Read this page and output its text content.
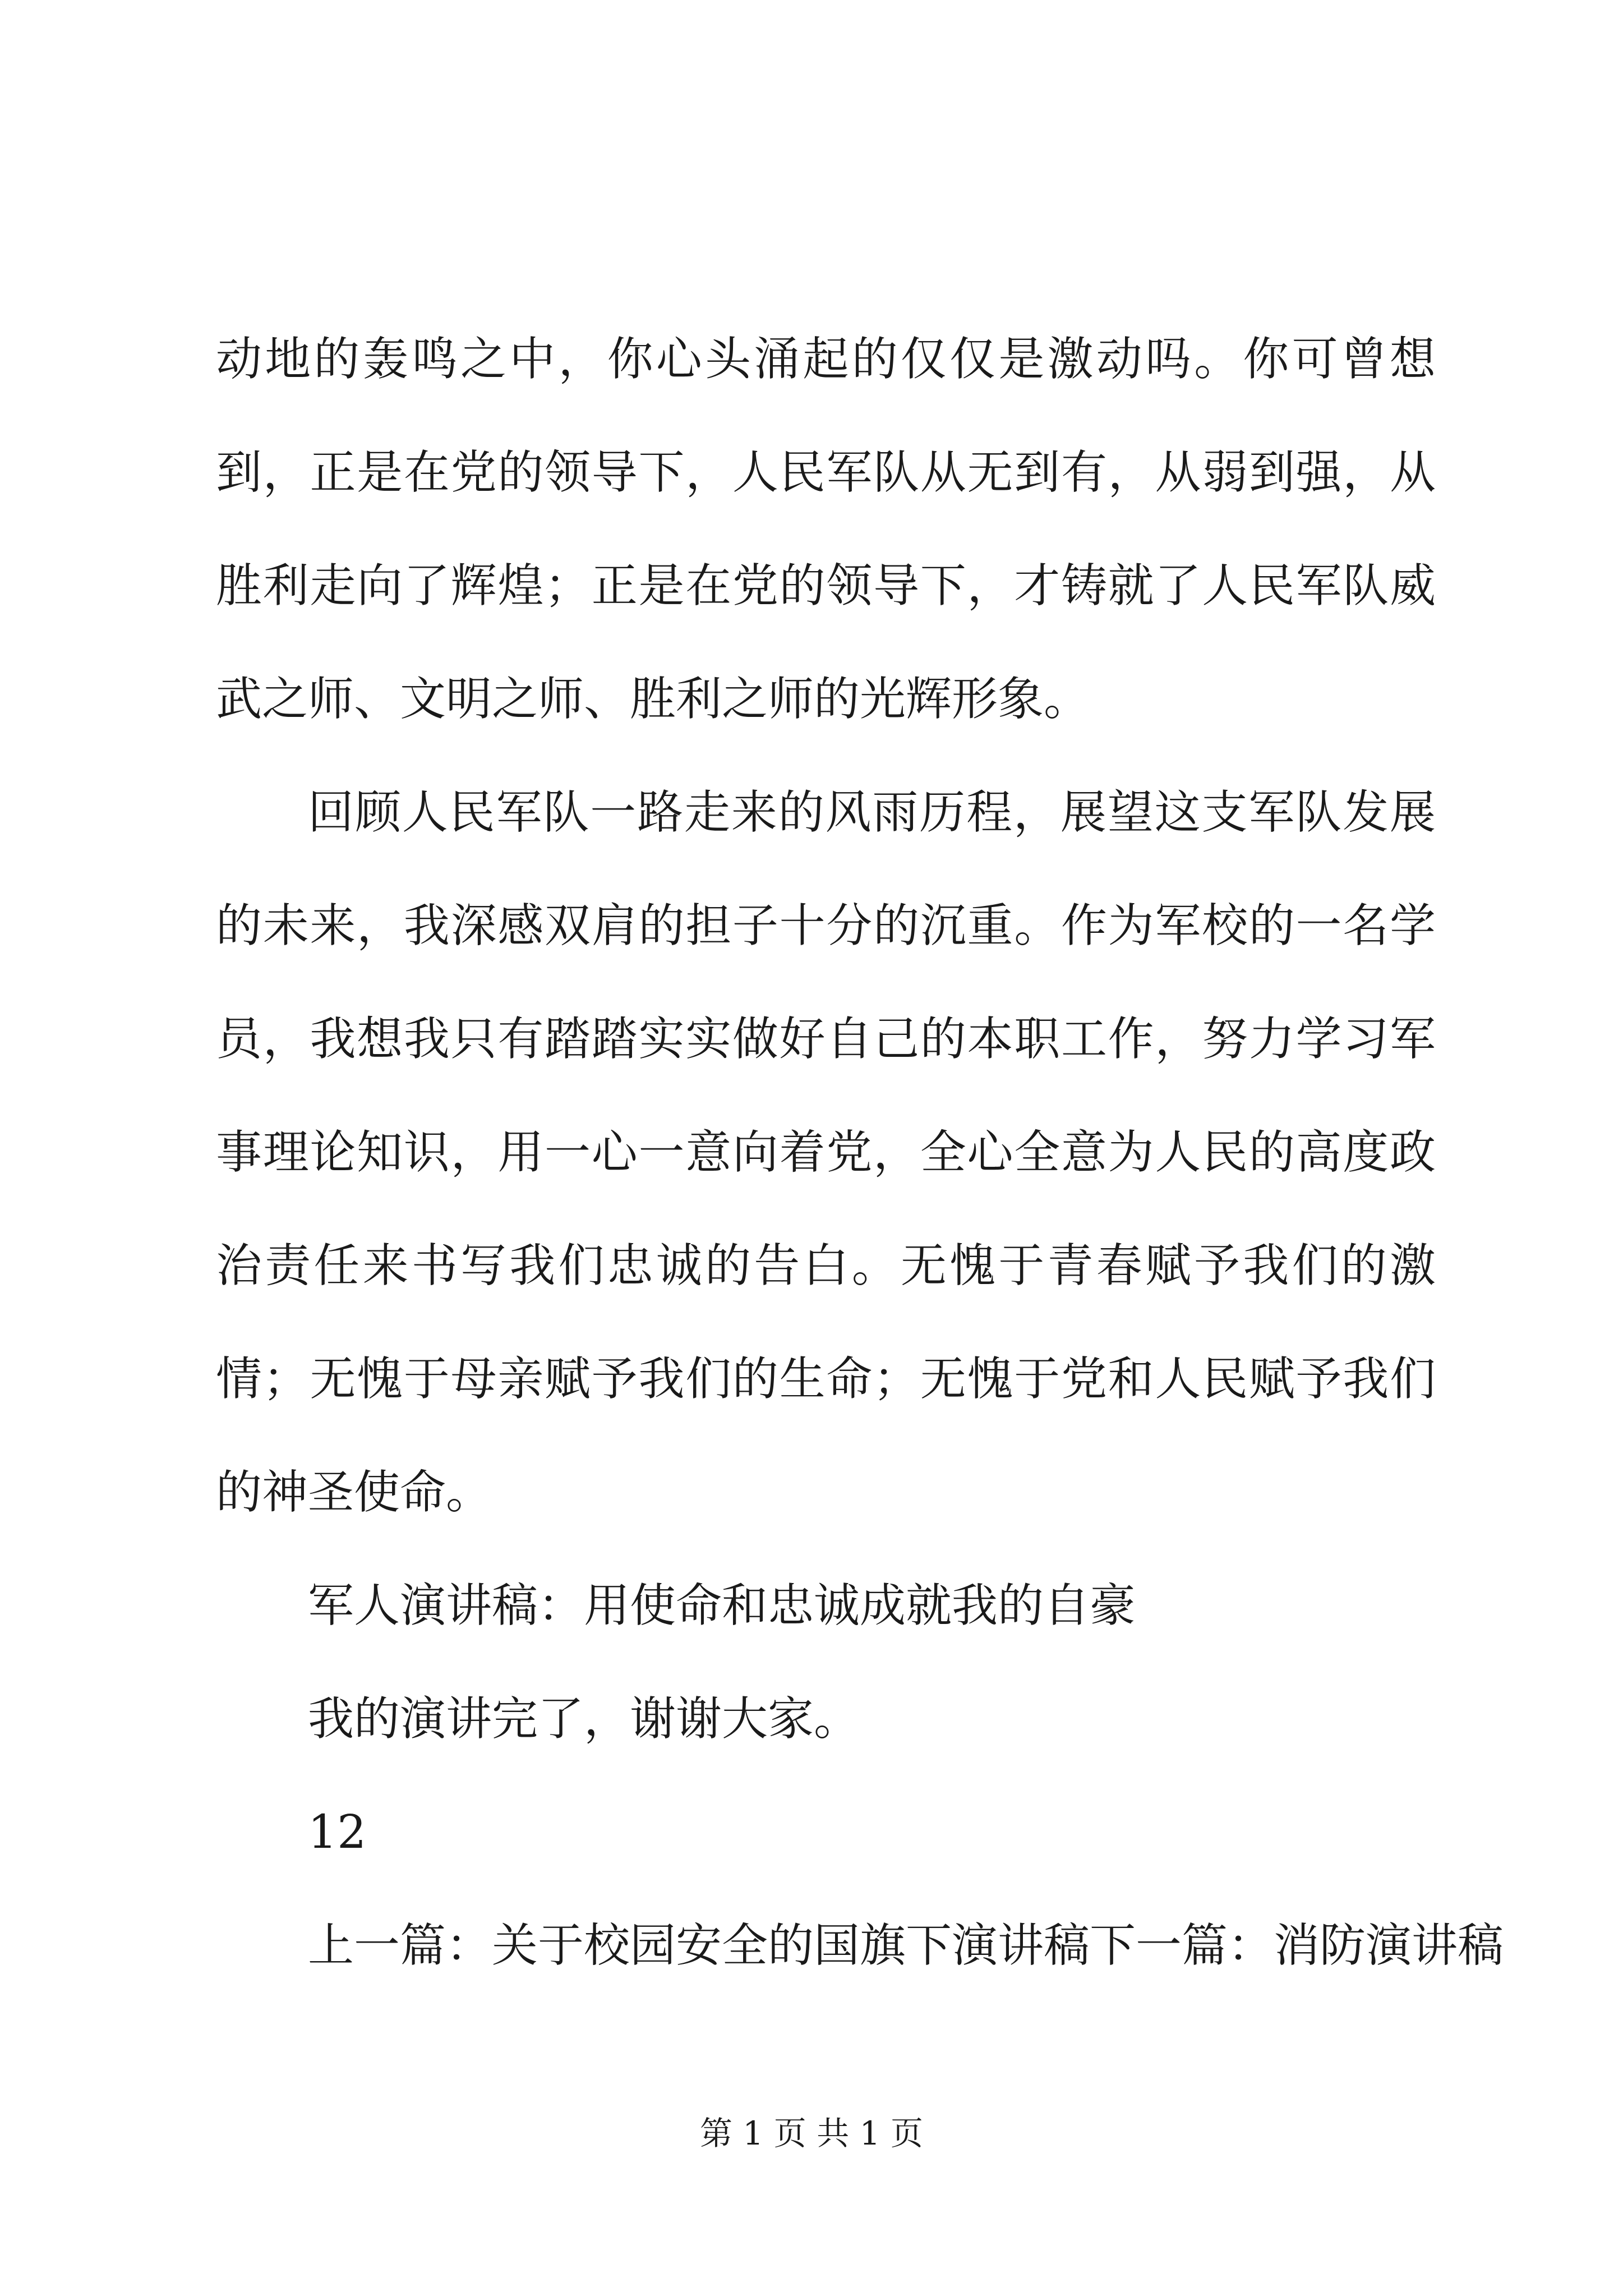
动地的轰鸣之中，你心头涌起的仅仅是激动吗。你可曾想到，正是在党的领导下，人民军队从无到有，从弱到强，从胜利走向了辉煌；正是在党的领导下，才铸就了人民军队威武之师、文明之师、胜利之师的光辉形象。

回顾人民军队一路走来的风雨历程，展望这支军队发展的未来，我深感双肩的担子十分的沉重。作为军校的一名学员，我想我只有踏踏实实做好自己的本职工作，努力学习军事理论知识，用一心一意向着党，全心全意为人民的高度政治责任来书写我们忠诚的告白。无愧于青春赋予我们的激情；无愧于母亲赋予我们的生命；无愧于党和人民赋予我们的神圣使命。

军人演讲稿：用使命和忠诚成就我的自豪

我的演讲完了，谢谢大家。

12

上一篇：关于校园安全的国旗下演讲稿下一篇：消防演讲稿

第 1 页 共 1 页
